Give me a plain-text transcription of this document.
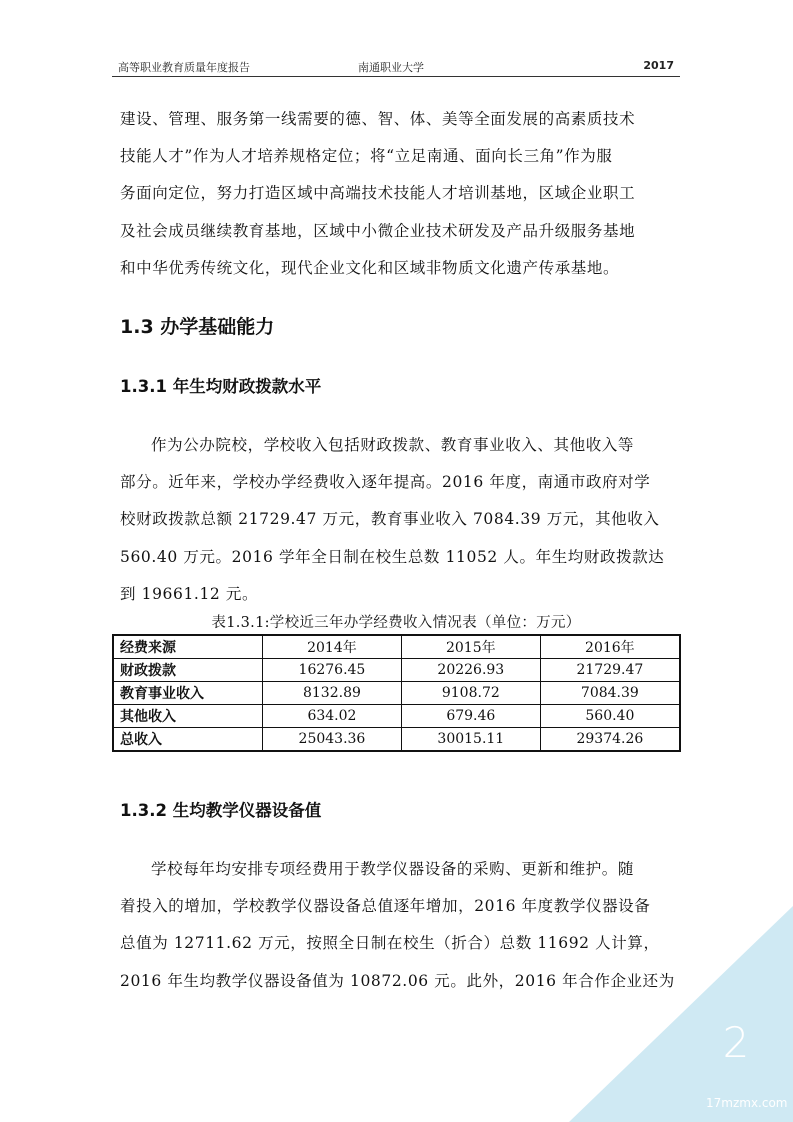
高等职业教育质量年度报告	南通职业大学	2017
建设、管理、服务第一线需要的德、智、体、美等全面发展的高素质技术
技能人才”作为人才培养规格定位；将“立足南通、面向长三角”作为服
务面向定位，努力打造区域中高端技术技能人才培训基地，区域企业职工
及社会成员继续教育基地，区域中小微企业技术研发及产品升级服务基地
和中华优秀传统文化，现代企业文化和区域非物质文化遗产传承基地。
1.3 办学基础能力
1.3.1 年生均财政拨款水平
作为公办院校，学校收入包括财政拨款、教育事业收入、其他收入等
部分。近年来，学校办学经费收入逐年提高。2016 年度，南通市政府对学
校财政拨款总额 21729.47 万元，教育事业收入 7084.39 万元，其他收入
560.40 万元。2016 学年全日制在校生总数 11052 人。年生均财政拨款达
到 19661.12 元。
表1.3.1:学校近三年办学经费收入情况表（单位：万元）
经费来源	2014年	2015年	2016年
财政拨款	16276.45	20226.93	21729.47
教育事业收入	8132.89	9108.72	7084.39
其他收入	634.02	679.46	560.40
总收入	25043.36	30015.11	29374.26
1.3.2 生均教学仪器设备值
学校每年均安排专项经费用于教学仪器设备的采购、更新和维护。随
着投入的增加，学校教学仪器设备总值逐年增加，2016 年度教学仪器设备
总值为 12711.62 万元，按照全日制在校生（折合）总数 11692 人计算，
2016 年生均教学仪器设备值为 10872.06 元。此外，2016 年合作企业还为
2
17mzmx.com
